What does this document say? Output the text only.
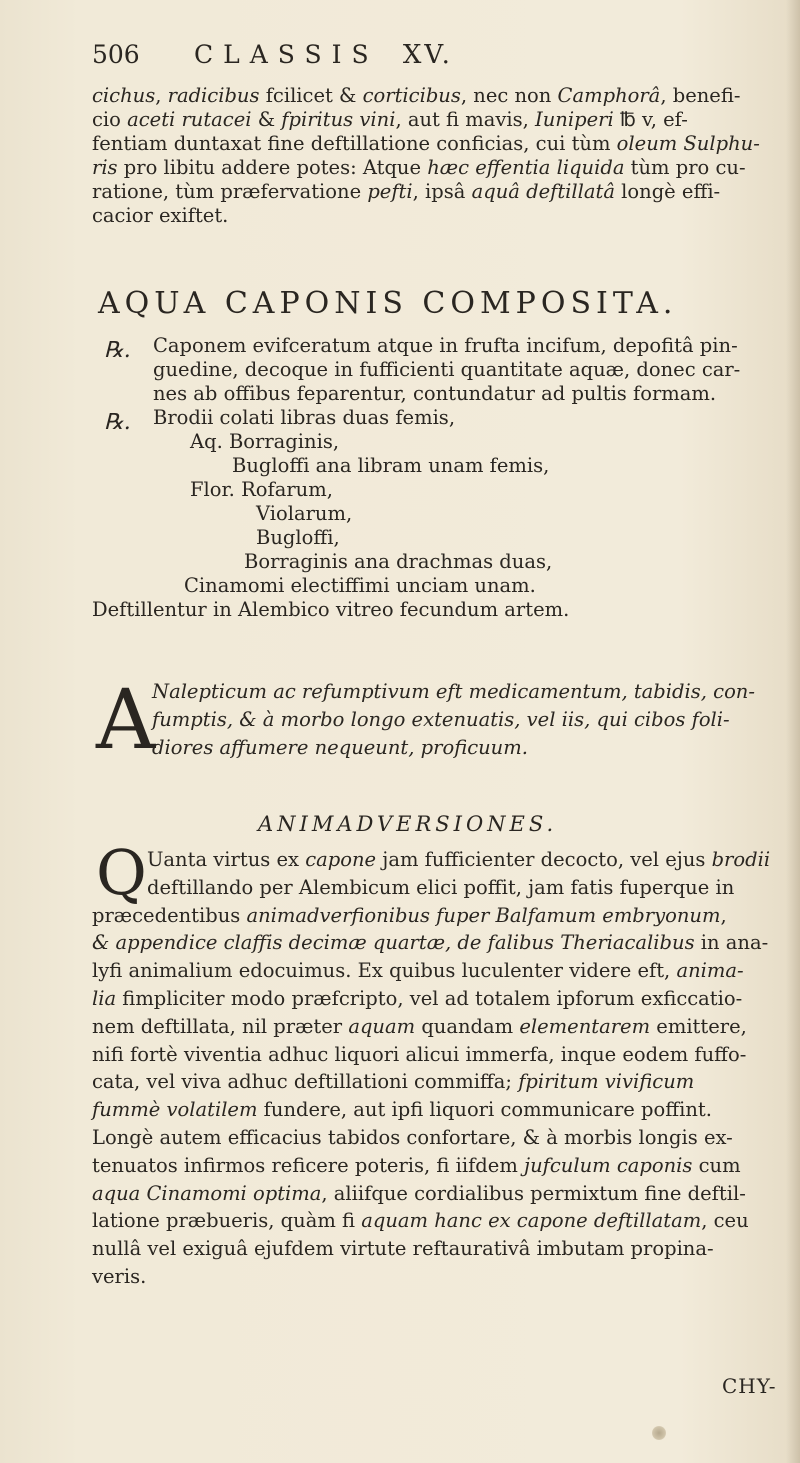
506 CLASSIS XV.
cichus, radicibus fcilicet & corticibus, nec non Camphorâ, benefi-
cio aceti rutacei & fpiritus vini, aut fi mavis, Iuniperi ℔ v, ef-
fentiam duntaxat fine deftillatione conficias, cui tùm oleum Sulphu-
ris pro libitu addere potes: Atque hæc effentia liquida tùm pro cu-
ratione, tùm præfervatione pefti, ipsâ aquâ deftillatâ longè effi-
cacior exiftet.
AQUA CAPONIS COMPOSITA.
℞.
℞.
Caponem evifceratum atque in frufta incifum, depofitâ pin-
guedine, decoque in fufficienti quantitate aquæ, donec car-
nes ab offibus feparentur, contundatur ad pultis formam.
Brodii colati libras duas femis,
Aq. Borraginis,
Bugloffi ana libram unam femis,
Flor. Rofarum,
Violarum,
Bugloffi,
Borraginis ana drachmas duas,
Cinamomi electiffimi unciam unam.
Deftillentur in Alembico vitreo fecundum artem.
A
Nalepticum ac refumptivum eft medicamentum, tabidis, con-
fumptis, & à morbo longo extenuatis, vel iis, qui cibos foli-
diores affumere nequeunt, proficuum.
ANIMADVERSIONES.
Q Uanta virtus ex capone jam fufficienter decocto, vel ejus brodii
deftillando per Alembicum elici poffit, jam fatis fuperque in
præcedentibus animadverfionibus fuper Balfamum embryonum,
& appendice claffis decimæ quartæ, de falibus Theriacalibus in ana-
lyfi animalium edocuimus. Ex quibus luculenter videre eft, anima-
lia fimpliciter modo præfcripto, vel ad totalem ipforum exficcatio-
nem deftillata, nil præter aquam quandam elementarem emittere,
nifi fortè viventia adhuc liquori alicui immerfa, inque eodem fuffo-
cata, vel viva adhuc deftillationi commiffa; fpiritum vivificum
fummè volatilem fundere, aut ipfi liquori communicare poffint.
Longè autem efficacius tabidos confortare, & à morbis longis ex-
tenuatos infirmos reficere poteris, fi iifdem jufculum caponis cum
aqua Cinamomi optima, aliifque cordialibus permixtum fine deftil-
latione præbueris, quàm fi aquam hanc ex capone deftillatam, ceu
nullâ vel exiguâ ejufdem virtute reftaurativâ imbutam propina-
veris.
CHY-
